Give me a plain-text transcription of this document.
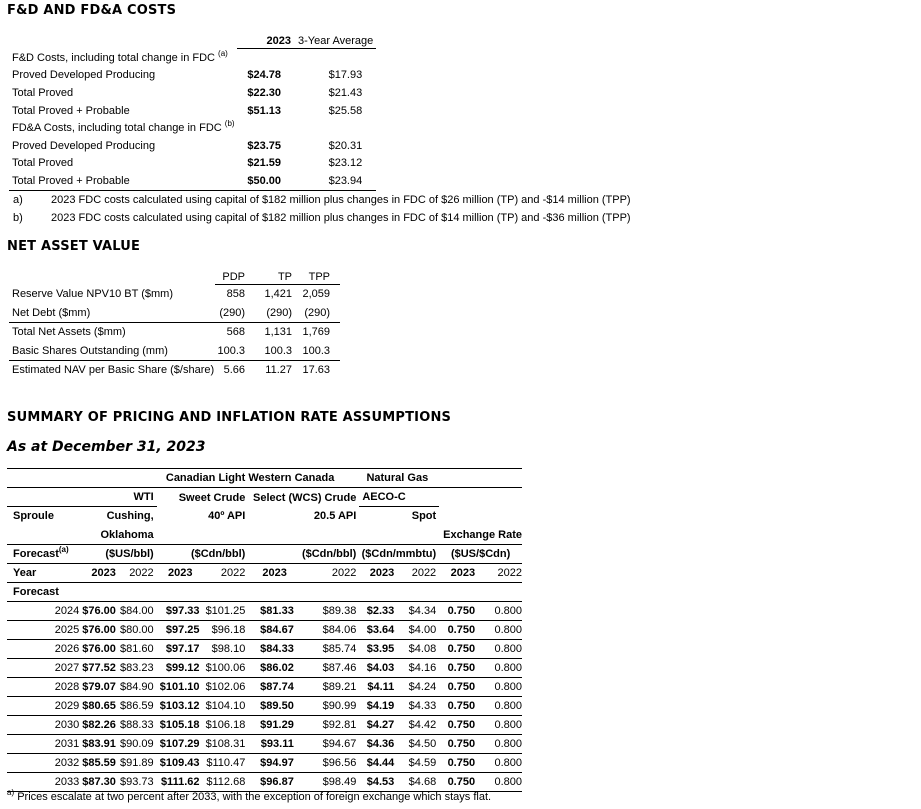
F&D AND FD&A COSTS
	2023	3-Year Average
F&D Costs, including total change in FDC $^{(a)}$
Proved Developed Producing	$24.78	$17.93
Total Proved	$22.30	$21.43
Total Proved + Probable	$51.13	$25.58
FD&A Costs, including total change in FDC $^{(b)}$
Proved Developed Producing	$23.75	$20.31
Total Proved	$21.59	$23.12
Total Proved + Probable	$50.00	$23.94
a)	2023 FDC costs calculated using capital of $182 million plus changes in FDC of $26 million (TP) and -$14 million (TPP)
b)	2023 FDC costs calculated using capital of $182 million plus changes in FDC of $14 million (TP) and -$36 million (TPP)
NET ASSET VALUE
	PDP	TP	TPP
Reserve Value NPV10 BT ($mm)	858	1,421	2,059
Net Debt ($mm)	(290)	(290)	(290)
Total Net Assets ($mm)	568	1,131	1,769
Basic Shares Outstanding (mm)	100.3	100.3	100.3
Estimated NAV per Basic Share ($/share)	5.66	11.27	17.63
SUMMARY OF PRICING AND INFLATION RATE ASSUMPTIONS
As at December 31, 2023
			Canadian Light		Western Canada		Natural Gas			
WTI			Sweet Crude		Select (WCS) Crude		AECO-C			
Sproule	Cushing,		40º API		20.5 API		Spot			
	Oklahoma								Exchange Rate	
Forecast$^{(a)}$	($US/bbl)		($Cdn/bbl)		($Cdn/bbl)		($Cdn/mmbtu)		($US/$Cdn)	
Year	2023	2022	2023	2022	2023	2022	2023	2022	2023	2022
Forecast										
2024	$76.00	$84.00	$97.33	$101.25	$81.33	$89.38	$2.33	$4.34	0.750	0.800
2025	$76.00	$80.00	$97.25	$96.18	$84.67	$84.06	$3.64	$4.00	0.750	0.800
2026	$76.00	$81.60	$97.17	$98.10	$84.33	$85.74	$3.95	$4.08	0.750	0.800
2027	$77.52	$83.23	$99.12	$100.06	$86.02	$87.46	$4.03	$4.16	0.750	0.800
2028	$79.07	$84.90	$101.10	$102.06	$87.74	$89.21	$4.11	$4.24	0.750	0.800
2029	$80.65	$86.59	$103.12	$104.10	$89.50	$90.99	$4.19	$4.33	0.750	0.800
2030	$82.26	$88.33	$105.18	$106.18	$91.29	$92.81	$4.27	$4.42	0.750	0.800
2031	$83.91	$90.09	$107.29	$108.31	$93.11	$94.67	$4.36	$4.50	0.750	0.800
2032	$85.59	$91.89	$109.43	$110.47	$94.97	$96.56	$4.44	$4.59	0.750	0.800
2033	$87.30	$93.73	$111.62	$112.68	$96.87	$98.49	$4.53	$4.68	0.750	0.800
$^{a)}$ Prices escalate at two percent after 2033, with the exception of foreign exchange which stays flat.
